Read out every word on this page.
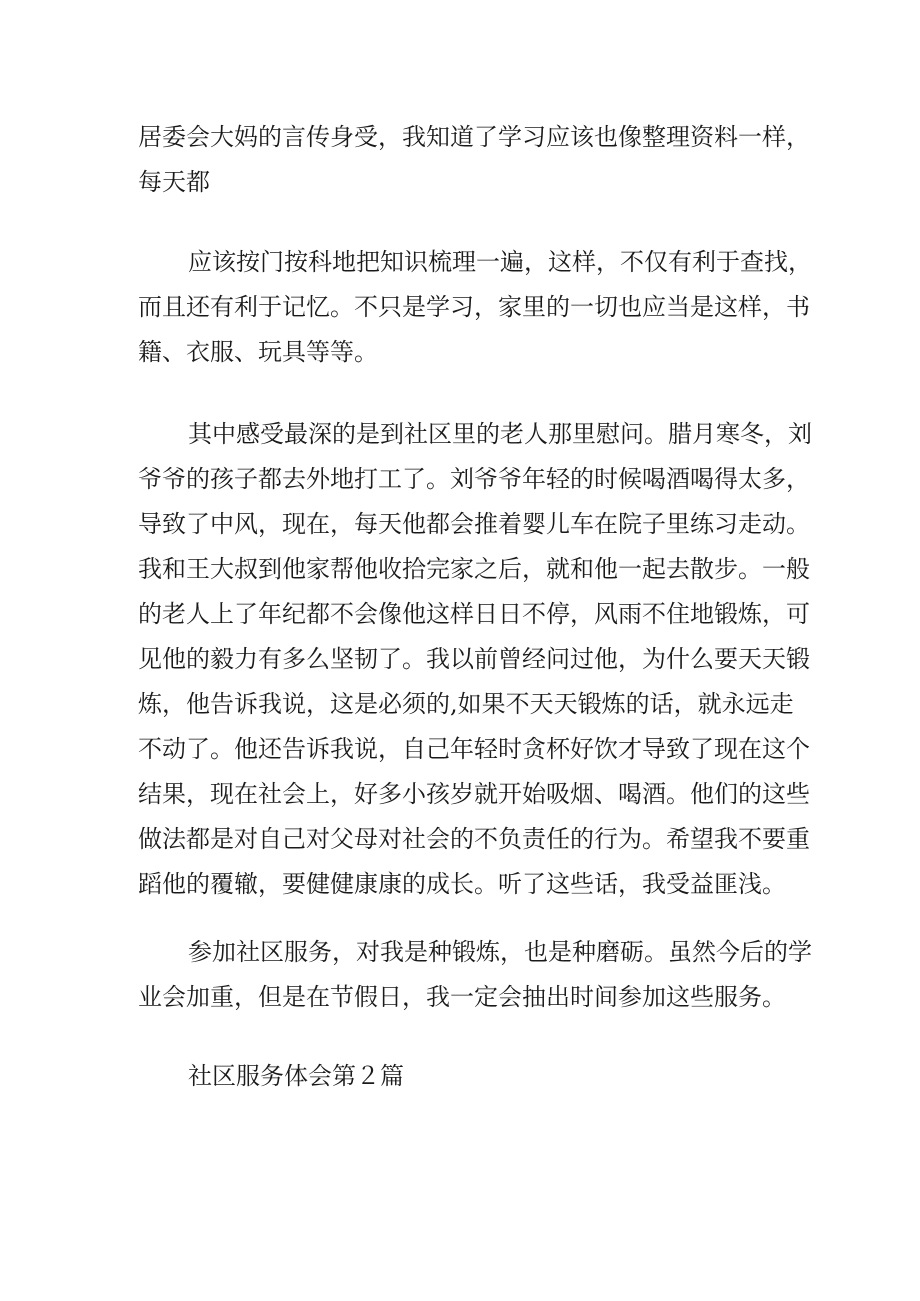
居委会大妈的言传身受，我知道了学习应该也像整理资料一样，
每天都

应该按门按科地把知识梳理一遍，这样，不仅有利于查找，
而且还有利于记忆。不只是学习，家里的一切也应当是这样，书
籍、衣服、玩具等等。

其中感受最深的是到社区里的老人那里慰问。腊月寒冬，刘
爷爷的孩子都去外地打工了。刘爷爷年轻的时候喝酒喝得太多，
导致了中风，现在，每天他都会推着婴儿车在院子里练习走动。
我和王大叔到他家帮他收拾完家之后，就和他一起去散步。一般
的老人上了年纪都不会像他这样日日不停，风雨不住地锻炼，可
见他的毅力有多么坚韧了。我以前曾经问过他，为什么要天天锻
炼，他告诉我说，这是必须的,如果不天天锻炼的话，就永远走
不动了。他还告诉我说，自己年轻时贪杯好饮才导致了现在这个
结果，现在社会上，好多小孩岁就开始吸烟、喝酒。他们的这些
做法都是对自己对父母对社会的不负责任的行为。希望我不要重
蹈他的覆辙，要健健康康的成长。听了这些话，我受益匪浅。

参加社区服务，对我是种锻炼，也是种磨砺。虽然今后的学
业会加重，但是在节假日，我一定会抽出时间参加这些服务。

社区服务体会第２篇
